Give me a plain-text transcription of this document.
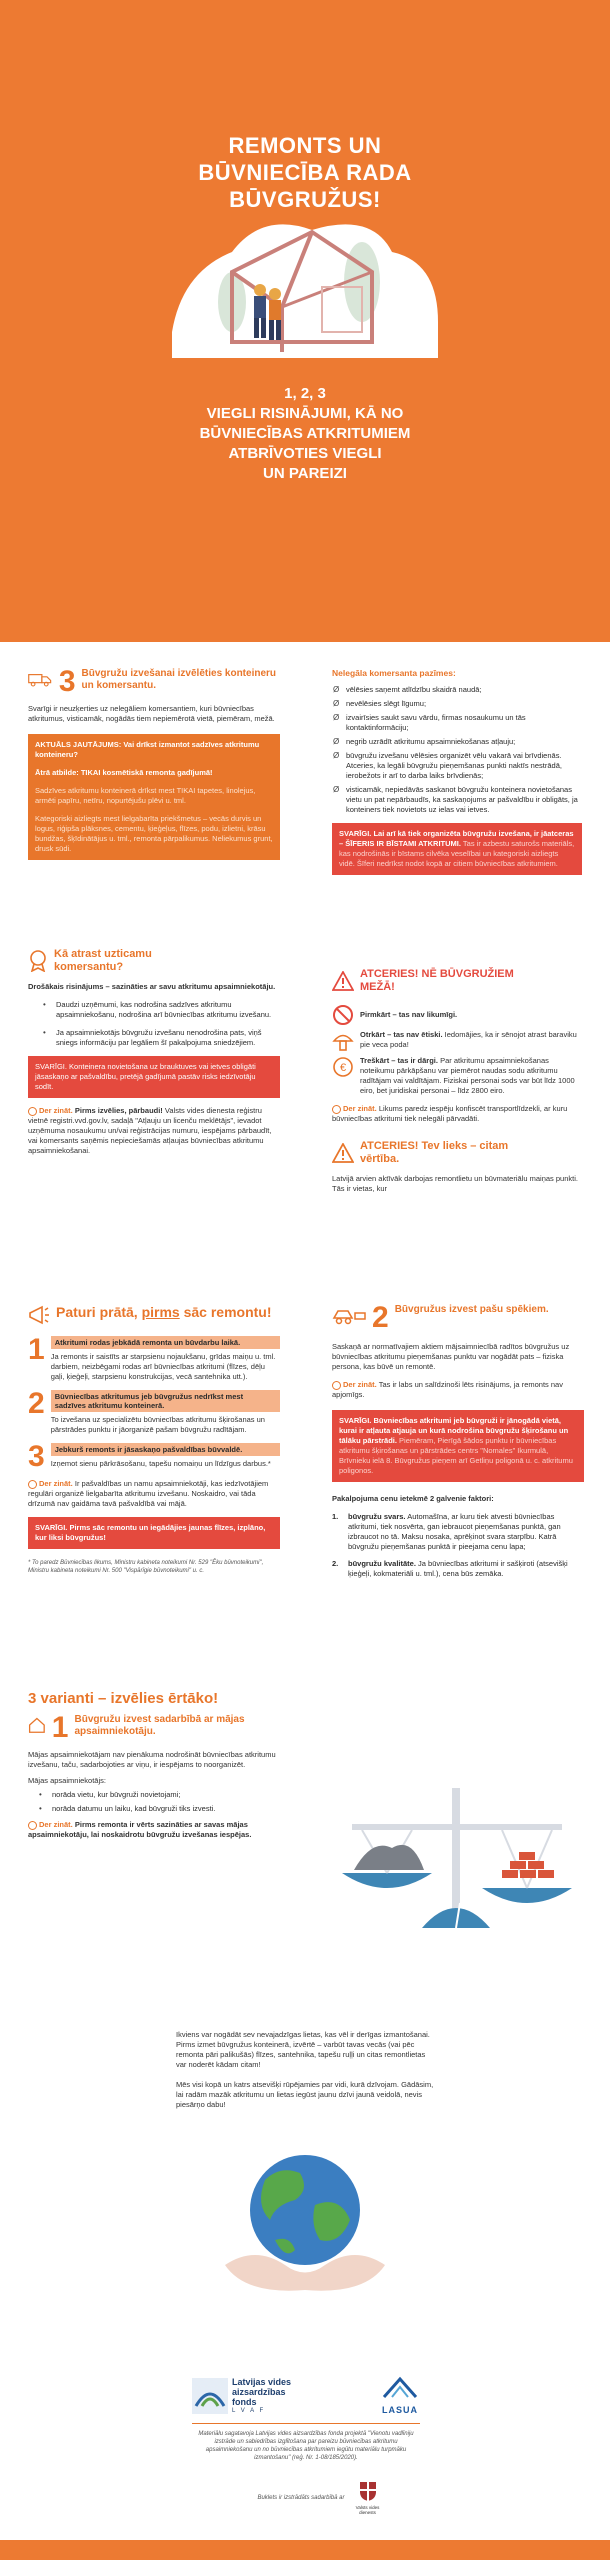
REMONTS UN
BŪVNIECĪBA RADA
BŪVGRUŽUS!
1, 2, 3
VIEGLI RISINĀJUMI, KĀ NO
BŪVNIECĪBAS ATKRITUMIEM
ATBRĪVOTIES VIEGLI
UN PAREIZI
3 Būvgružu izvešanai izvēlēties konteineru un komersantu.

Svarīgi ir neuzķerties uz nelegāliem komersantiem, kuri būvniecības atkritumus, visticamāk, nogādās tiem nepiemērotā vietā, piemēram, mežā.

AKTUĀLS JAUTĀJUMS: Vai drīkst izmantot sadzīves atkritumu konteineru?

Ātrā atbilde: TIKAI kosmētiskā remonta gadījumā!

Sadzīves atkritumu konteinerā drīkst mest TIKAI tapetes, linolejus, armēti papīru, netīru, nopurtējušu plēvi u. tml.

Kategoriski aizliegts mest lielgabarīta priekšmetus – vecās durvis un logus, riģipša plāksnes, cementu, ķieģeļus, flīzes, podu, izlietni, krāsu bundžas, šķīdinātājus u. tml., remonta pārpalikumus. Neliekumus grunt, drusk sūdi.

Kā atrast uzticamu komersantu?

Drošākais risinājums – sazināties ar savu atkritumu apsaimniekotāju.

• Daudzi uzņēmumi, kas nodrošina sadzīves atkritumu apsaimniekošanu, nodrošina arī būvniecības atkritumu izvešanu.
• Ja apsaimniekotājs būvgružu izvešanu nenodrošina pats, viņš sniegs informāciju par legāliem šī pakalpojuma sniedzējiem.
SVARĪGI. Konteinera novietošana uz brauktuves vai ietves obligāti jāsaskaņo ar pašvaldību, pretējā gadījumā pastāv risks iedzīvotāju sodīt.

Der zināt. Pirms izvēlies, pārbaudi! Valsts vides dienesta reģistru vietnē registri.vvd.gov.lv, sadaļā "Atļauju un licenču meklētājs", ievadot uzņēmuma nosaukumu un/vai reģistrācijas numuru, iespējams pārbaudīt, vai komersants saņēmis nepieciešamās atļaujas būvniecības atkritumu apsaimniekošanai.

Nelegāla komersanta pazīmes:

Ø vēlēsies saņemt atlīdzību skaidrā naudā;
Ø nevēlēsies slēgt līgumu;
Ø izvairīsies saukt savu vārdu, firmas nosaukumu un tās kontaktinformāciju;
Ø negrib uzrādīt atkritumu apsaimniekošanas atļauju;
Ø būvgružu izvešanu vēlēsies organizēt vēlu vakarā vai brīvdienās. Atceries, ka legāli būvgružu pieņemšanas punkti naktīs nestrādā, ierobežots ir arī to darba laiks brīvdienās;
Ø visticamāk, nepiedāvās saskanot būvgružu konteinera novietošanas vietu un pat nepārbaudīs, ka saskaņojums ar pašvaldību ir obligāts, ja konteiners tiek novietots uz ielas vai ietves.
SVARĪGI. Lai arī kā tiek organizēta būvgružu izvešana, ir jāatceras – ŠĪFERIS IR BĪSTAMI ATKRITUMI. Tas ir azbestu saturošs materiāls, kas nodrošinās ir bīstams cilvēka veselībai un kategoriski aizliegts vidē. Šīferi nedrīkst nodot kopā ar citiem būvniecības atkritumiem.
ATCERIES! NĒ BŪVGRUŽIEM MEŽĀ!

Pirmkārt – tas nav likumīgi.

Otrkārt – tas nav ētiski. Iedomājies, ka ir sēnojot atrast baraviku pie veca poda!

€

Treškārt – tas ir dārgi. Par atkritumu apsaimniekošanas noteikumu pārkāpšanu var piemērot naudas sodu atkritumu radītājam vai valdītājam. Fiziskai personai sods var būt līdz 1000 eiro, bet juridiskai personai – līdz 2800 eiro.

Der zināt. Likums paredz iespēju konfiscēt transportlīdzekli, ar kuru būvniecības atkritumi tiek nelegāli pārvadāti.

ATCERIES! Tev lieks – citam vērtība.

Latvijā arvien aktīvāk darbojas remontlietu un būvmateriālu maiņas punkti. Tās ir vietas, kur

Paturi prātā, pirms sāc remontu!
1	Atkritumi rodas jebkādā remonta un būvdarbu laikā.

Ja remonts ir saistīts ar starpsienu nojaukšanu, grīdas maiņu u. tml. darbiem, neizbēgami rodas arī būvniecības atkritumi (flīzes, dēļu gaļi, ķieģeļi, starpsienu konstrukcijas, vecā santehnika utt.).

2	Būvniecības atkritumus jeb būvgružus nedrīkst mest sadzīves atkritumu konteinerā.

To izvešana uz specializētu būvniecības atkritumu šķirošanas un pārstrādes punktu ir jāorganizē pašam būvgružu radītājam.

3	Jebkurš remonts ir jāsaskaņo pašvaldības būvvaldē.

Izņemot sienu pārkrāsošanu, tapešu nomaiņu un līdzīgus darbus.*

Der zināt. Ir pašvaldības un namu apsaimniekotāji, kas iedzīvotājiem regulāri organizē lielgabarīta atkritumu izvešanu. Noskaidro, vai tāda drīzumā nav gaidāma tavā pašvaldībā vai mājā.

SVARĪGI. Pirms sāc remontu un iegādājies jaunas flīzes, izplāno, kur liksi būvgružus!

* To paredz Būvniecības likums, Ministru kabineta noteikumi Nr. 529 "Ēku būvnoteikumi", Ministru kabineta noteikumi Nr. 500 "Vispārīgie būvnoteikumi" u. c.

3 varianti – izvēlies ērtāko!

1 Būvgružu izvest sadarbībā ar mājas apsaimniekotāju.

Mājas apsaimniekotājam nav pienākuma nodrošināt būvniecības atkritumu izvešanu, taču, sadarbojoties ar viņu, ir iespējams to noorganizēt.

Mājas apsaimniekotājs:

• norāda vietu, kur būvgruži novietojami;
• norāda datumu un laiku, kad būvgruži tiks izvesti.

Der zināt. Pirms remonta ir vērts sazināties ar savas mājas apsaimniekotāju, lai noskaidrotu būvgružu izvešanas iespējas.

2 Būvgružus izvest pašu spēkiem.

Saskaņā ar normatīvajiem aktiem mājsaimniecībā radītos būvgružus uz būvniecības atkritumu pieņemšanas punktu var nogādāt pats – fiziska persona, kas būvē un remontē.

Der zināt. Tas ir labs un salīdzinoši lēts risinājums, ja remonts nav apjomīgs.

SVARĪGI. Būvniecības atkritumi jeb būvgruži ir jānogādā vietā, kurai ir atļauta atjauja un kurā nodrošina būvgružu šķirošanu un tālāku pārstrādi. Piemēram, Pierīgā šādos punktu ir būvniecības atkritumu šķirošanas un pārstrādes centrs "Nomales" Ikurmulā, Brīvnieku ielā 8. Būvgružus pieņem arī Getliņu poligonā u. c. atkritumu poligonos.

Pakalpojuma cenu ietekmē 2 galvenie faktori:

1. būvgružu svars. Automašīna, ar kuru tiek atvesti būvniecības atkritumi, tiek nosvērta, gan iebraucot pieņemšanas punktā, gan izbraucot no tā. Maksu nosaka, aprēķinot svara starpību. Katrā būvgružu pieņemšanas punktā ir pieejama cenu lapa;
2. būvgružu kvalitāte. Ja būvniecības atkritumi ir sašķiroti (atsevišķi ķieģeļi, kokmateriāli u. tml.), cena būs zemāka.

Ikviens var nogādāt sev nevajadzīgas lietas, kas vēl ir derīgas izmantošanai. Pirms izmet būvgružus konteinerā, izvērtē – varbūt tavas vecās (vai pēc remonta pāri palikušās) flīzes, santehnika, tapešu ruļļi un citas remontlietas var noderēt kādam citam!

Mēs visi kopā un katrs atsevišķi rūpējamies par vidi, kurā dzīvojam. Gādāsim, lai radām mazāk atkritumu un lietas iegūst jaunu dzīvi jaunā veidolā, nevis piesārņo dabu!

Latvijas vides aizsardzības fonds
L V A F	LASUA

Materiālu sagatavoja Latvijas vides aizsardzības fonda projektā "Vienotu vadlīniju izstrāde un sabiedrības izglītošana par pareizu būvniecības atkritumu apsaimniekošanu un no būvniecības atkritumiem iegūtu materiālu turpmāku izmantošanu" (reģ. Nr. 1-08/185/2020).

Buklets ir izstrādāts sadarbībā ar
Valsts vides dienests
